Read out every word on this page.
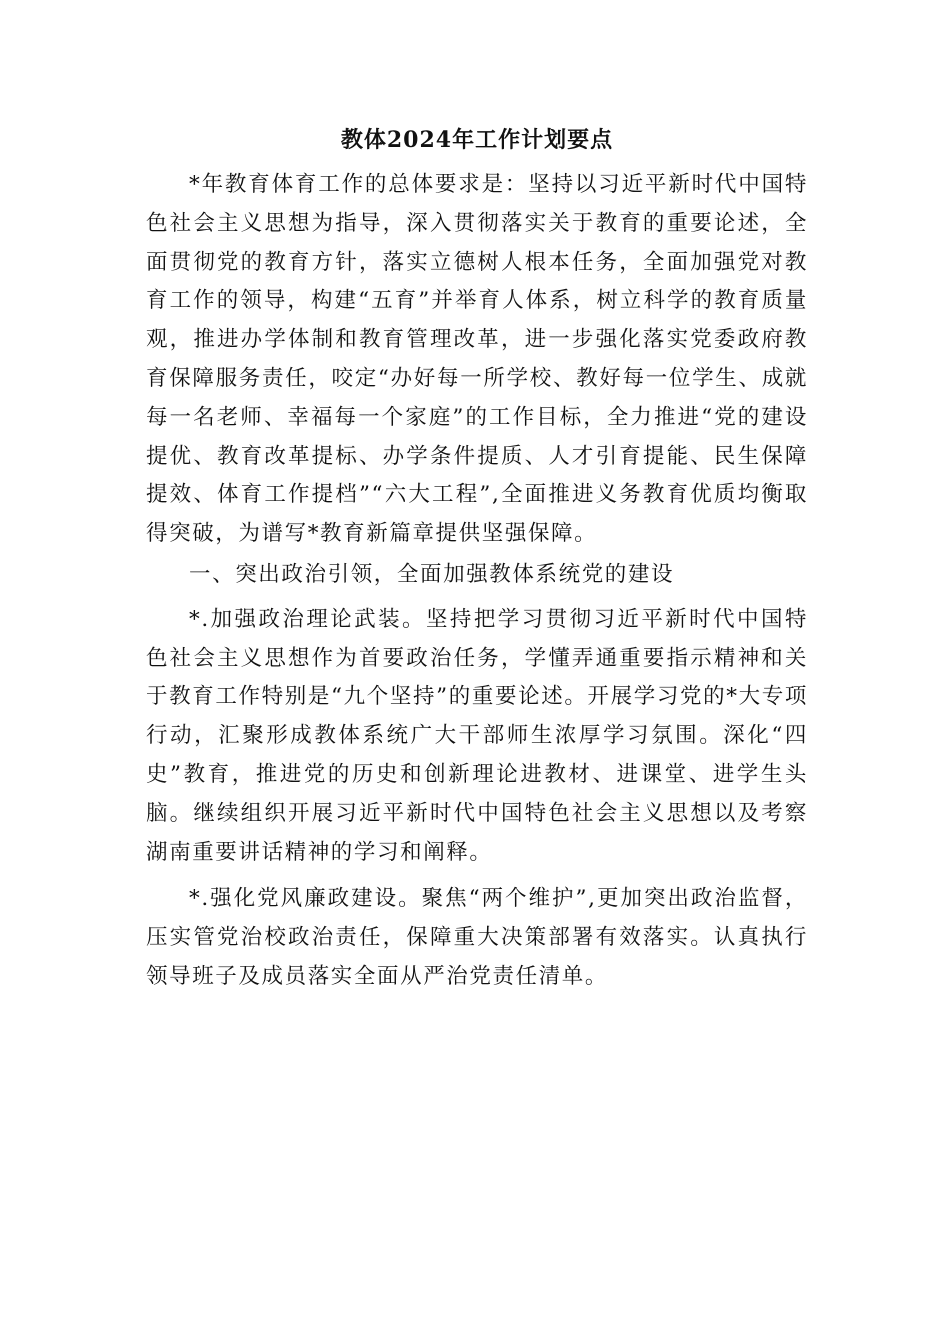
教体2024年工作计划要点

*年教育体育工作的总体要求是：坚持以习近平新时代中国特色社会主义思想为指导，深入贯彻落实关于教育的重要论述，全面贯彻党的教育方针，落实立德树人根本任务，全面加强党对教育工作的领导，构建“五育”并举育人体系，树立科学的教育质量观，推进办学体制和教育管理改革，进一步强化落实党委政府教育保障服务责任，咬定“办好每一所学校、教好每一位学生、成就每一名老师、幸福每一个家庭”的工作目标，全力推进“党的建设提优、教育改革提标、办学条件提质、人才引育提能、民生保障提效、体育工作提档”“六大工程”,全面推进义务教育优质均衡取得突破，为谱写*教育新篇章提供坚强保障。

一、突出政治引领，全面加强教体系统党的建设

*.加强政治理论武装。坚持把学习贯彻习近平新时代中国特色社会主义思想作为首要政治任务，学懂弄通重要指示精神和关于教育工作特别是“九个坚持”的重要论述。开展学习党的*大专项行动，汇聚形成教体系统广大干部师生浓厚学习氛围。深化“四史”教育，推进党的历史和创新理论进教材、进课堂、进学生头脑。继续组织开展习近平新时代中国特色社会主义思想以及考察湖南重要讲话精神的学习和阐释。

*.强化党风廉政建设。聚焦“两个维护”,更加突出政治监督，压实管党治校政治责任，保障重大决策部署有效落实。认真执行领导班子及成员落实全面从严治党责任清单。
